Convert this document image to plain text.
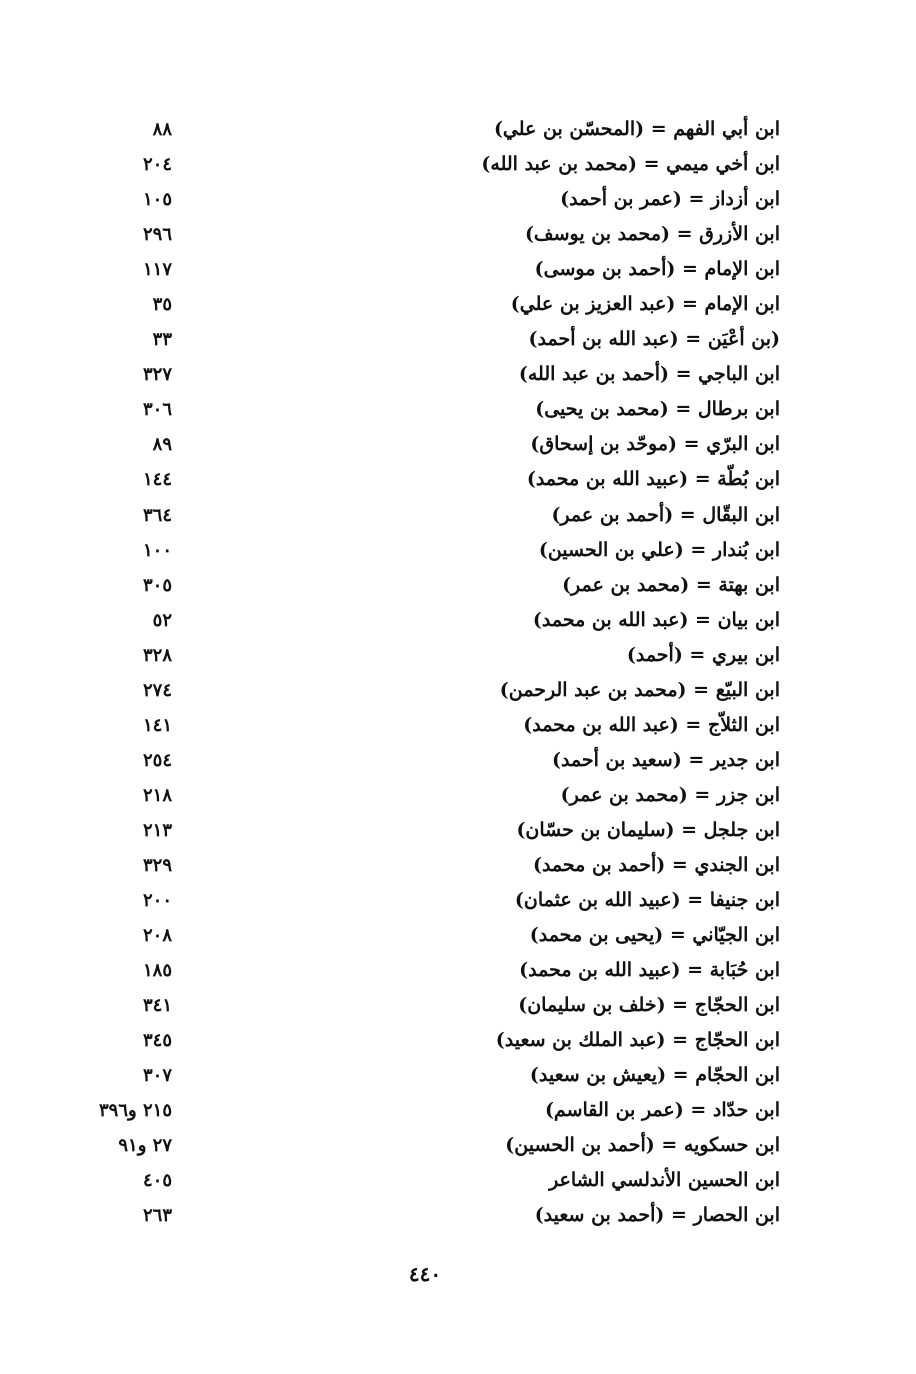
ابن أبي الفهم = (المحسّن بن علي)
٨٨
ابن أخي ميمي = (محمد بن عبد الله)
٢٠٤
ابن أزداز = (عمر بن أحمد)
١٠٥
ابن الأزرق = (محمد بن يوسف)
٢٩٦
ابن الإمام = (أحمد بن موسى)
١١٧
ابن الإمام = (عبد العزيز بن علي)
٣٥
(بن أعْيَن = (عبد الله بن أحمد)
٣٣
ابن الباجي = (أحمد بن عبد الله)
٣٢٧
ابن برطال = (محمد بن يحيى)
٣٠٦
ابن البرّي = (موحّد بن إسحاق)
٨٩
ابن بُطّة = (عبيد الله بن محمد)
١٤٤
ابن البقّال = (أحمد بن عمر)
٣٦٤
ابن بُندار = (علي بن الحسين)
١٠٠
ابن بهتة = (محمد بن عمر)
٣٠٥
ابن بيان = (عبد الله بن محمد)
٥٢
ابن بيري = (أحمد)
٣٢٨
ابن البيّع = (محمد بن عبد الرحمن)
٢٧٤
ابن الثلاّج = (عبد الله بن محمد)
١٤١
ابن جدير = (سعيد بن أحمد)
٢٥٤
ابن جزر = (محمد بن عمر)
٢١٨
ابن جلجل = (سليمان بن حسّان)
٢١٣
ابن الجندي = (أحمد بن محمد)
٣٢٩
ابن جنيفا = (عبيد الله بن عثمان)
٢٠٠
ابن الجيّاني = (يحيى بن محمد)
٢٠٨
ابن حُبَابة = (عبيد الله بن محمد)
١٨٥
ابن الحجّاج = (خلف بن سليمان)
٣٤١
ابن الحجّاج = (عبد الملك بن سعيد)
٣٤٥
ابن الحجّام = (يعيش بن سعيد)
٣٠٧
ابن حدّاد = (عمر بن القاسم)
٢١٥ و٣٩٦
ابن حسكويه = (أحمد بن الحسين)
٢٧ و٩١
ابن الحسين الأندلسي الشاعر
٤٠٥
ابن الحصار = (أحمد بن سعيد)
٢٦٣
٤٤٠
